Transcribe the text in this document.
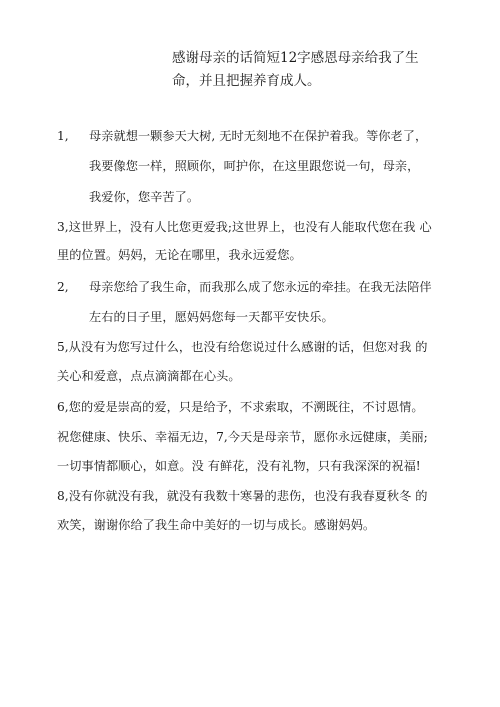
感谢母亲的话简短12字感恩母亲给我了生
命，并且把握养育成人。
1, 母亲就想一颗参天大树, 无时无刻地不在保护着我。等你老了，
我要像您一样，照顾你，呵护你，在这里跟您说一句，母亲，
我爱你，您辛苦了。
3,这世界上，没有人比您更爱我;这世界上，也没有人能取代您在我 心
里的位置。妈妈，无论在哪里，我永远爱您。
2, 母亲您给了我生命，而我那么成了您永远的牵挂。在我无法陪伴
左右的日子里，愿妈妈您每一天都平安快乐。
5,从没有为您写过什么，也没有给您说过什么感谢的话，但您对我 的
关心和爱意，点点滴滴都在心头。
6,您的爱是崇高的爱，只是给予，不求索取，不溯既往，不讨恩情。
祝您健康、快乐、幸福无边，7,今天是母亲节，愿你永远健康，美丽;
一切事情都顺心，如意。没 有鲜花，没有礼物，只有我深深的祝福!
8,没有你就没有我，就没有我数十寒暑的悲伤，也没有我春夏秋冬 的
欢笑，谢谢你给了我生命中美好的一切与成长。感谢妈妈。
